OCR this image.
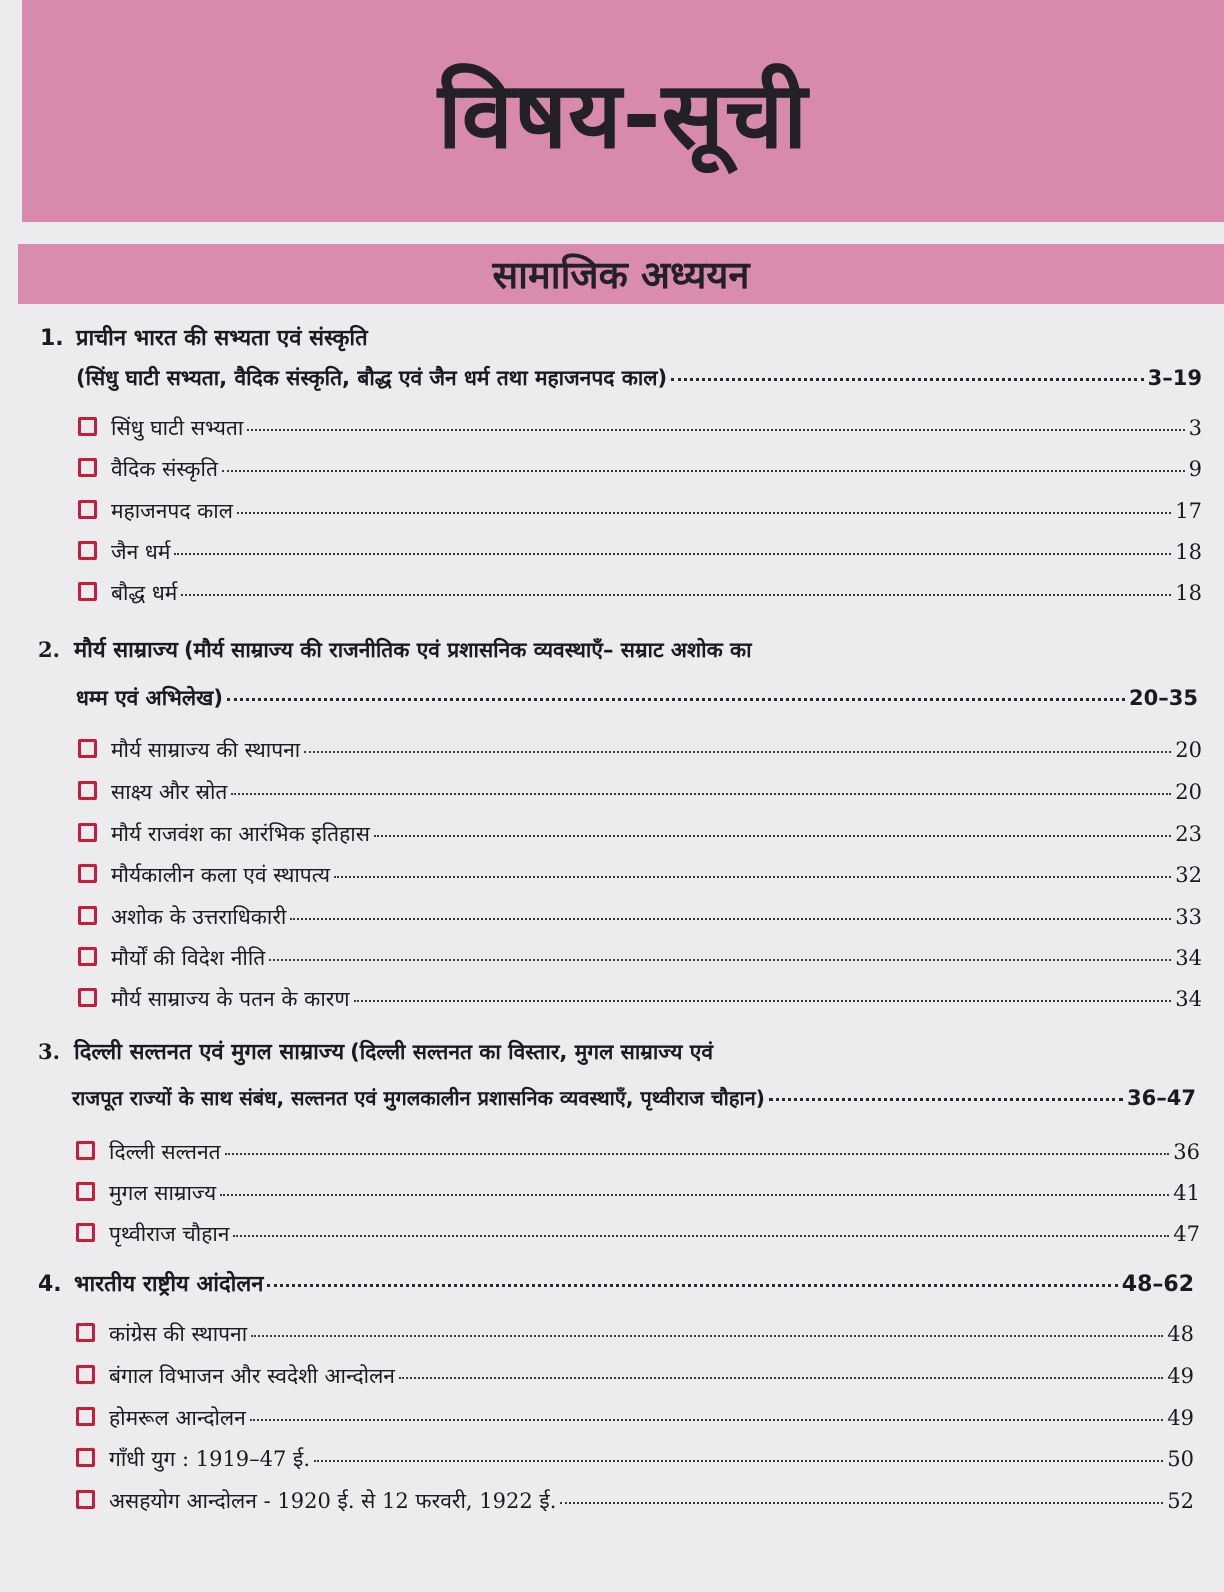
विषय-सूची
सामाजिक अध्ययन
1. प्राचीन भारत की सभ्यता एवं संस्कृति
(सिंधु घाटी सभ्यता, वैदिक संस्कृति, बौद्ध एवं जैन धर्म तथा महाजनपद काल)	3–19
सिंधु घाटी सभ्यता	3
वैदिक संस्कृति	9
महाजनपद काल	17
जैन धर्म	18
बौद्ध धर्म	18
2. मौर्य साम्राज्य (मौर्य साम्राज्य की राजनीतिक एवं प्रशासनिक व्यवस्थाएँ– सम्राट अशोक का
धम्म एवं अभिलेख)	20–35
मौर्य साम्राज्य की स्थापना	20
साक्ष्य और स्रोत	20
मौर्य राजवंश का आरंभिक इतिहास	23
मौर्यकालीन कला एवं स्थापत्य	32
अशोक के उत्तराधिकारी	33
मौर्यों की विदेश नीति	34
मौर्य साम्राज्य के पतन के कारण	34
3. दिल्ली सल्तनत एवं मुगल साम्राज्य (दिल्ली सल्तनत का विस्तार, मुगल साम्राज्य एवं
राजपूत राज्यों के साथ संबंध, सल्तनत एवं मुगलकालीन प्रशासनिक व्यवस्थाएँ, पृथ्वीराज चौहान)	36–47
दिल्ली सल्तनत	36
मुगल साम्राज्य	41
पृथ्वीराज चौहान	47
4. भारतीय राष्ट्रीय आंदोलन	48–62
कांग्रेस की स्थापना	48
बंगाल विभाजन और स्वदेशी आन्दोलन	49
होमरूल आन्दोलन	49
गाँधी युग : 1919–47 ई.	50
असहयोग आन्दोलन - 1920 ई. से 12 फरवरी, 1922 ई.	52
